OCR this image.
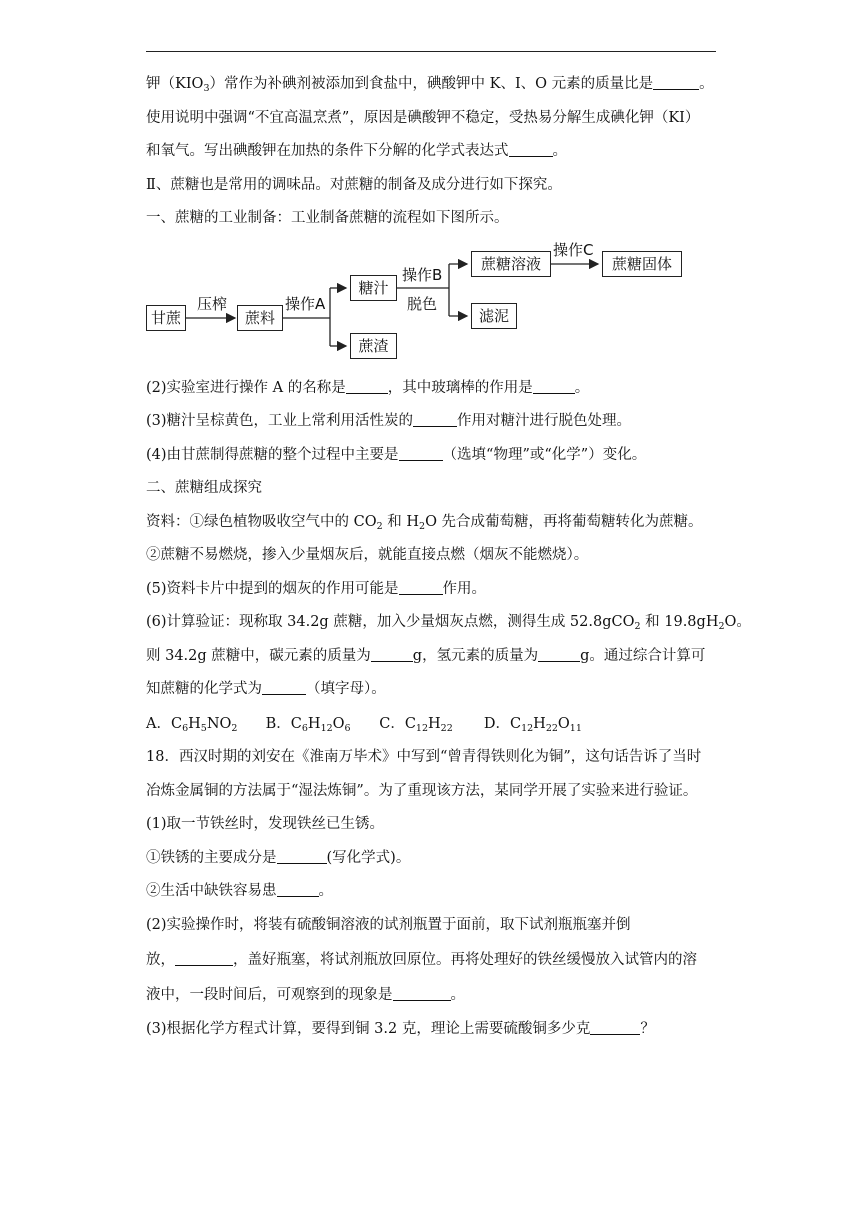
钾$(KIO_3)$常作为补碘剂被添加到食盐中，碘酸钾中 K、I、O 元素的质量比是	。
使用说明中强调“不宜高温烹煮”，原因是碘酸钾不稳定，受热易分解生成碘化钾（KI）
和氧气。写出碘酸钾在加热的条件下分解的化学式表达式	。
Ⅱ、蔗糖也是常用的调味品。对蔗糖的制备及成分进行如下探究。
一、蔗糖的工业制备：工业制备蔗糖的流程如下图所示。
甘蔗
压榨
蔗料
操作A
糖汁
蔗渣
操作B
脱色
蔗糖溶液
滤泥
操作C
蔗糖固体
(2)实验室进行操作 A 的名称是	，其中玻璃棒的作用是	。
(3)糖汁呈棕黄色，工业上常利用活性炭的	作用对糖汁进行脱色处理。
(4)由甘蔗制得蔗糖的整个过程中主要是	（选填“物理”或“化学”）变化。
二、蔗糖组成探究
资料：①绿色植物吸收空气中的 $CO_2$ 和 $H_2O$ 先合成葡萄糖，再将葡萄糖转化为蔗糖。
②蔗糖不易燃烧，掺入少量烟灰后，就能直接点燃（烟灰不能燃烧）。
(5)资料卡片中提到的烟灰的作用可能是	作用。
(6)计算验证：现称取 34.2g 蔗糖，加入少量烟灰点燃，测得生成 52.8gCO$_2$ 和 $19.8gH_2O$。
则 34.2g 蔗糖中，碳元素的质量为	g，氢元素的质量为	g。通过综合计算可
知蔗糖的化学式为	（填字母）。
A．$C_6H_5NO_2$ B．$C_6H_{12}O_6$ C．$C_{12}H_{22}$ D．$C_{12}H_{22}O_{11}$
18．西汉时期的刘安在《淮南万毕术》中写到“曾青得铁则化为铜”，这句话告诉了当时
冶炼金属铜的方法属于“湿法炼铜”。为了重现该方法，某同学开展了实验来进行验证。
(1)取一节铁丝时，发现铁丝已生锈。
①铁锈的主要成分是	(写化学式)。
②生活中缺铁容易患	。
(2)实验操作时，将装有硫酸铜溶液的试剂瓶置于面前，取下试剂瓶瓶塞并倒
放，	，盖好瓶塞，将试剂瓶放回原位。再将处理好的铁丝缓慢放入试管内的溶
液中，一段时间后，可观察到的现象是	。
(3)根据化学方程式计算，要得到铜 3.2 克，理论上需要硫酸铜多少克	？
